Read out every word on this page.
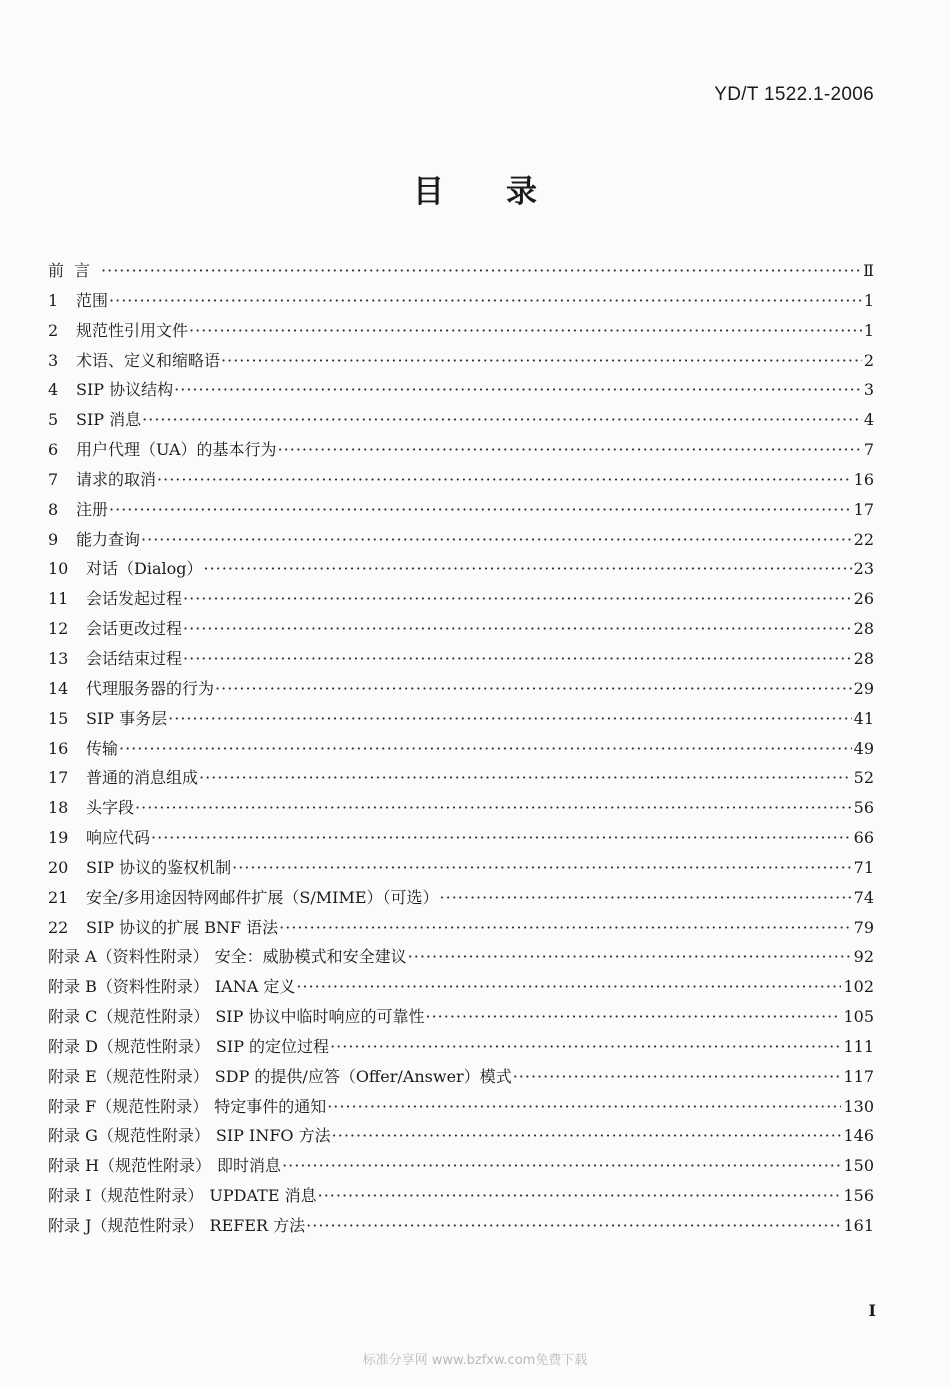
YD/T 1522.1-2006
目录
前言 ·····	Ⅱ
1	范围 ·····	1
2	规范性引用文件 ·····	1
3	术语、定义和缩略语 ·····	2
4	SIP 协议结构 ·····	3
5	SIP 消息 ·····	4
6	用户代理（UA）的基本行为 ·····	7
7	请求的取消 ·····	16
8	注册 ·····	17
9	能力查询 ·····	22
10	对话（Dialog） ·····	23
11	会话发起过程 ·····	26
12	会话更改过程 ·····	28
13	会话结束过程 ·····	28
14	代理服务器的行为 ·····	29
15	SIP 事务层 ·····	41
16	传输 ·····	49
17	普通的消息组成 ·····	52
18	头字段 ·····	56
19	响应代码 ·····	66
20	SIP 协议的鉴权机制 ·····	71
21	安全/多用途因特网邮件扩展（S/MIME）（可选） ·····	74
22	SIP 协议的扩展 BNF 语法 ·····	79
附录 A（资料性附录） 安全：威胁模式和安全建议 ·····	92
附录 B（资料性附录） IANA 定义 ·····	102
附录 C（规范性附录） SIP 协议中临时响应的可靠性 ·····	105
附录 D（规范性附录） SIP 的定位过程 ·····	111
附录 E（规范性附录） SDP 的提供/应答（Offer/Answer）模式 ·····	117
附录 F（规范性附录） 特定事件的通知 ·····	130
附录 G（规范性附录） SIP INFO 方法 ·····	146
附录 H（规范性附录） 即时消息 ·····	150
附录 I（规范性附录） UPDATE 消息 ·····	156
附录 J（规范性附录） REFER 方法 ·····	161
I
标准分享网 www.bzfxw.com免费下载
